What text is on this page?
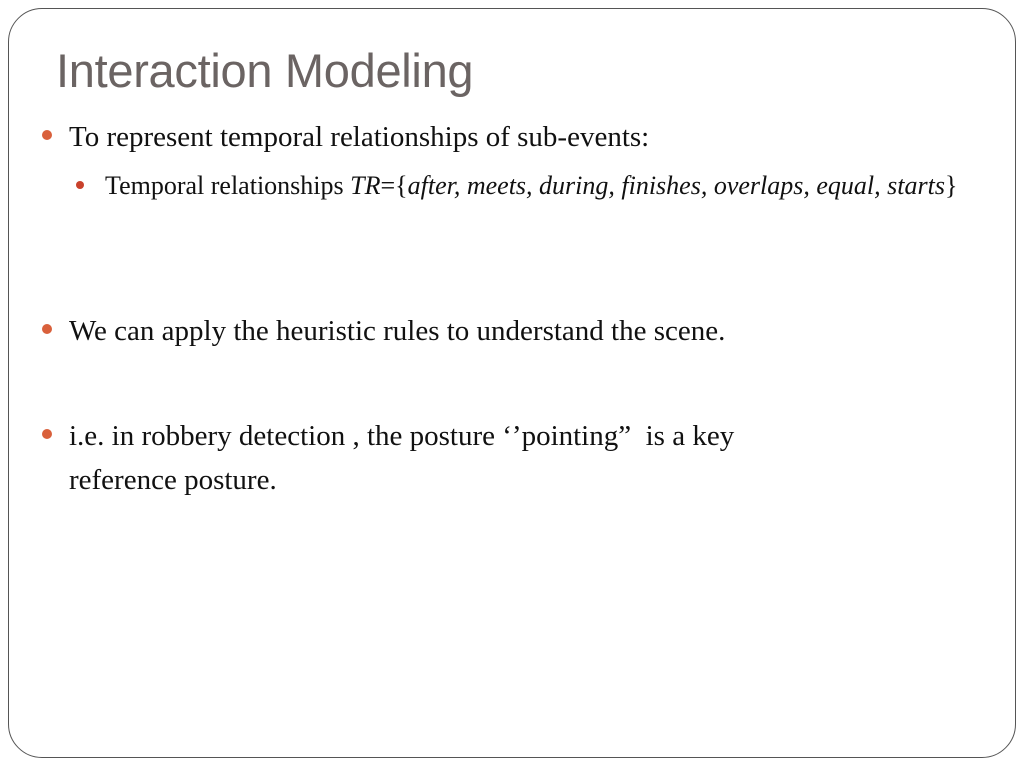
Interaction Modeling
To represent temporal relationships of sub-events:
Temporal relationships TR={after, meets, during, finishes, overlaps, equal, starts}
We can apply the heuristic rules to understand the scene.
i.e. in robbery detection , the posture ‘’pointing”  is a key
reference posture.
